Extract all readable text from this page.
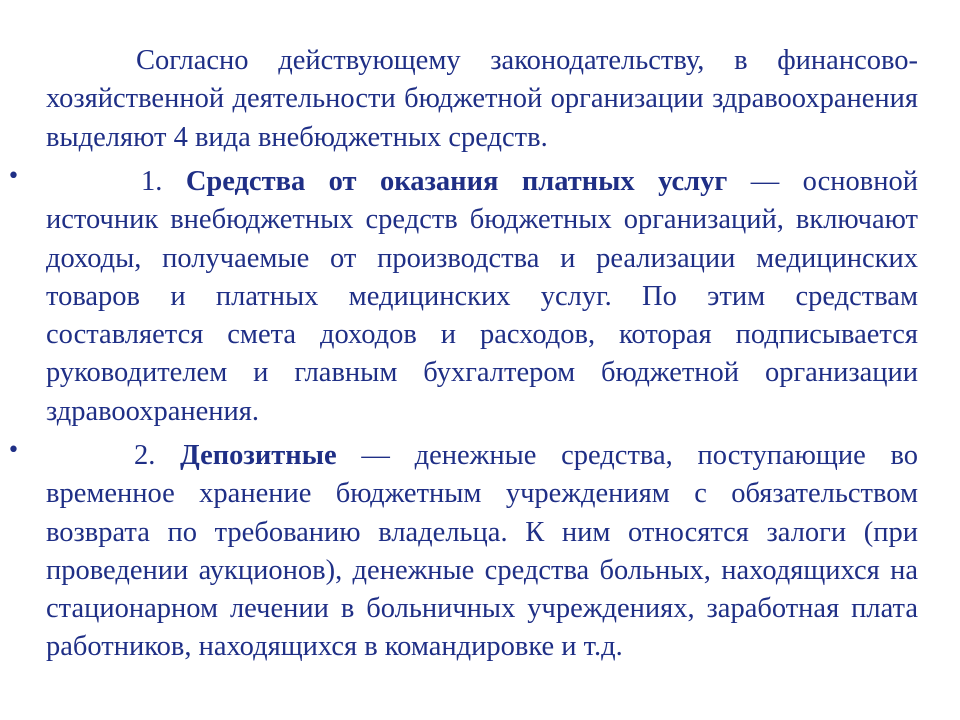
Согласно действующему законодательству, в финансово-хозяйственной деятельности бюджетной организации здравоохранения выделяют 4 вида внебюджетных средств.

•	1. Средства от оказания платных услуг — основной источник внебюджетных средств бюджетных организаций, включают доходы, получаемые от производства и реализации медицинских товаров и платных медицинских услуг. По этим средствам составляется смета доходов и расходов, которая подписывается руководителем и главным бухгалтером бюджетной организации здравоохранения.

•	2. Депозитные — денежные средства, поступающие во временное хранение бюджетным учреждениям с обязательством возврата по требованию владельца. К ним относятся залоги (при проведении аукционов), денежные средства больных, находящихся на стационарном лечении в больничных учреждениях, заработная плата работников, находящихся в командировке и т.д.
